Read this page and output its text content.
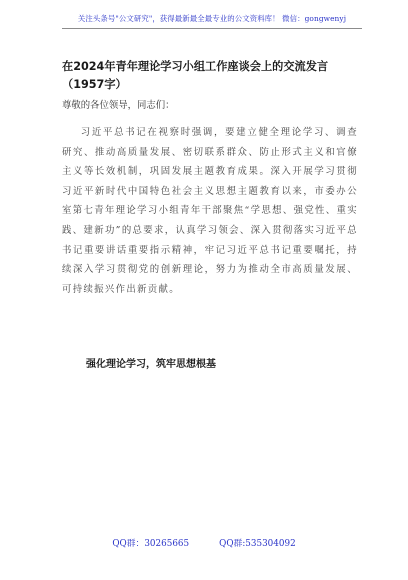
关注头条号"公文研究"，获得最新最全最专业的公文资料库！ 微信：gongwenyj
在2024年青年理论学习小组工作座谈会上的交流发言
（1957字）

尊敬的各位领导，同志们：

习近平总书记在视察时强调，要建立健全理论学习、调查研究、推动高质量发展、密切联系群众、防止形式主义和官僚主义等长效机制，巩固发展主题教育成果。深入开展学习贯彻习近平新时代中国特色社会主义思想主题教育以来，市委办公室第七青年理论学习小组青年干部聚焦“学思想、强党性、重实践、建新功”的总要求，认真学习领会、深入贯彻落实习近平总书记重要讲话重要指示精神，牢记习近平总书记重要嘱托，持续深入学习贯彻党的创新理论，努力为推动全市高质量发展、可持续振兴作出新贡献。

强化理论学习，筑牢思想根基
QQ群：30265665	QQ群:535304092
